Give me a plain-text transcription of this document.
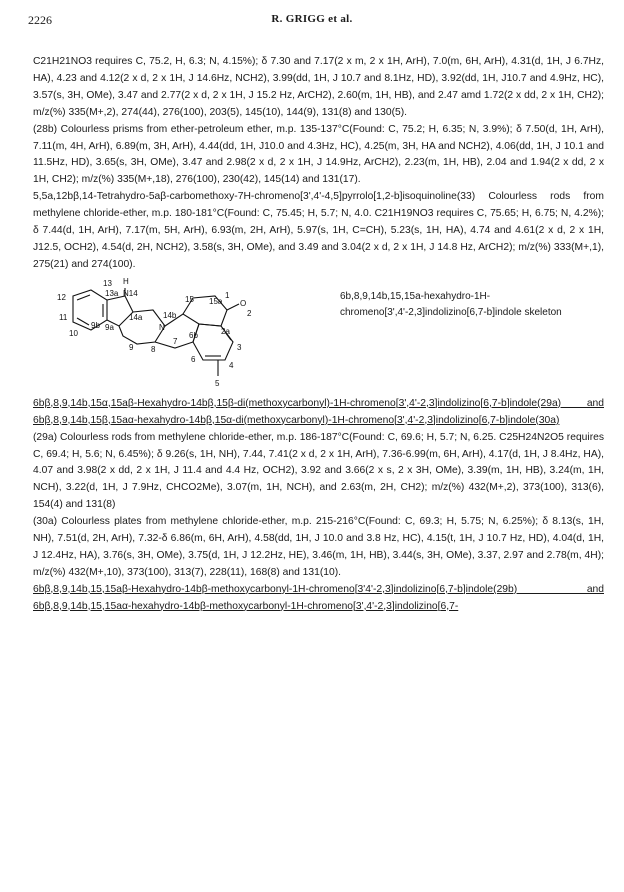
2226	R. GRIGG et al.

C21H21NO3 requires C, 75.2, H, 6.3; N, 4.15%); δ 7.30 and 7.17(2 x m, 2 x 1H, ArH), 7.0(m, 6H, ArH), 4.31(d, 1H, J 6.7Hz, HA), 4.23 and 4.12(2 x d, 2 x 1H, J 14.6Hz, NCH2), 3.99(dd, 1H, J 10.7 and 8.1Hz, HD), 3.92(dd, 1H, J10.7 and 4.9Hz, HC), 3.57(s, 3H, OMe), 3.47 and 2.77(2 x d, 2 x 1H, J 15.2 Hz, ArCH2), 2.60(m, 1H, HB), and 2.47 amd 1.72(2 x dd, 2 x 1H, CH2); m/z(%) 335(M+,2), 274(44), 276(100), 203(5), 145(10), 144(9), 131(8) and 130(5).

(28b) Colourless prisms from ether-petroleum ether, m.p. 135-137°C(Found: C, 75.2; H, 6.35; N, 3.9%); δ 7.50(d, 1H, ArH), 7.11(m, 4H, ArH), 6.89(m, 3H, ArH), 4.44(dd, 1H, J10.0 and 4.3Hz, HC), 4.25(m, 3H, HA and NCH2), 4.06(dd, 1H, J 10.1 and 11.5Hz, HD), 3.65(s, 3H, OMe), 3.47 and 2.98(2 x d, 2 x 1H, J 14.9Hz, ArCH2), 2.23(m, 1H, HB), 2.04 and 1.94(2 x dd, 2 x 1H, CH2); m/z(%) 335(M+,18), 276(100), 230(42), 145(14) and 131(17).

5,5a,12bβ,14-Tetrahydro-5aβ-carbomethoxy-7H-chromeno[3',4'-4,5]pyrrolo[1,2-b]isoquinoline(33) Colourless rods from methylene chloride-ether, m.p. 180-181°C(Found: C, 75.45; H, 5.7; N, 4.0. C21H19NO3 requires C, 75.65; H, 6.75; N, 4.2%); δ 7.44(d, 1H, ArH), 7.17(m, 5H, ArH), 6.93(m, 2H, ArH), 5.97(s, 1H, C=CH), 5.23(s, 1H, HA), 4.74 and 4.61(2 x d, 2 x 1H, J12.5, OCH2), 4.54(d, 2H, NCH2), 3.58(s, 3H, OMe), and 3.49 and 3.04(2 x d, 2 x 1H, J 14.8 Hz, ArCH2); m/z(%) 333(M+,1), 275(21) and 274(100).

13 H
N14
12	13a
14a	14b
15 15a
1
O
2
11
9b 9a	N
7
6b	2a
10
9 8
6
3
4
5
6b,8,9,14b,15,15a-hexahydro-1H-chromeno[3',4'-2,3]indolizino[6,7-b]indole skeleton

6bβ,8,9,14b,15α,15aβ-Hexahydro-14bβ,15β-di(methoxycarbonyl)-1H-chromeno[3',4'-2,3]indolizino[6,7-b]indole(29a) and 6bβ,8,9,14b,15β,15aα-hexahydro-14bβ,15α-di(methoxycarbonyl)-1H-chromeno[3',4'-2,3]indolizino[6,7-b]indole(30a)

(29a) Colourless rods from methylene chloride-ether, m.p. 186-187°C(Found: C, 69.6; H, 5.7; N, 6.25. C25H24N2O5 requires C, 69.4; H, 5.6; N, 6.45%); δ 9.26(s, 1H, NH), 7.44, 7.41(2 x d, 2 x 1H, ArH), 7.36-6.99(m, 6H, ArH), 4.17(d, 1H, J 8.4Hz, HA), 4.07 and 3.98(2 x dd, 2 x 1H, J 11.4 and 4.4 Hz, OCH2), 3.92 and 3.66(2 x s, 2 x 3H, OMe), 3.39(m, 1H, HB), 3.24(m, 1H, NCH), 3.22(d, 1H, J 7.9Hz, CHCO2Me), 3.07(m, 1H, NCH), and 2.63(m, 2H, CH2); m/z(%) 432(M+,2), 373(100), 313(6), 154(4) and 131(8)

(30a) Colourless plates from methylene chloride-ether, m.p. 215-216°C(Found: C, 69.3; H, 5.75; N, 6.25%); δ 8.13(s, 1H, NH), 7.51(d, 2H, ArH), 7.32-δ 6.86(m, 6H, ArH), 4.58(dd, 1H, J 10.0 and 3.8 Hz, HC), 4.15(t, 1H, J 10.7 Hz, HD), 4.04(d, 1H, J 12.4Hz, HA), 3.76(s, 3H, OMe), 3.75(d, 1H, J 12.2Hz, HE), 3.46(m, 1H, HB), 3.44(s, 3H, OMe), 3.37, 2.97 and 2.78(m, 4H); m/z(%) 432(M+,10), 373(100), 313(7), 228(11), 168(8) and 131(10).

6bβ,8,9,14b,15,15aβ-Hexahydro-14bβ-methoxycarbonyl-1H-chromeno[3'4'-2,3]indolizino[6,7-b]indole(29b) and 6bβ,8,9,14b,15,15aα-hexahydro-14bβ-methoxycarbonyl-1H-chromeno[3',4'-2,3]indolizino[6,7-
